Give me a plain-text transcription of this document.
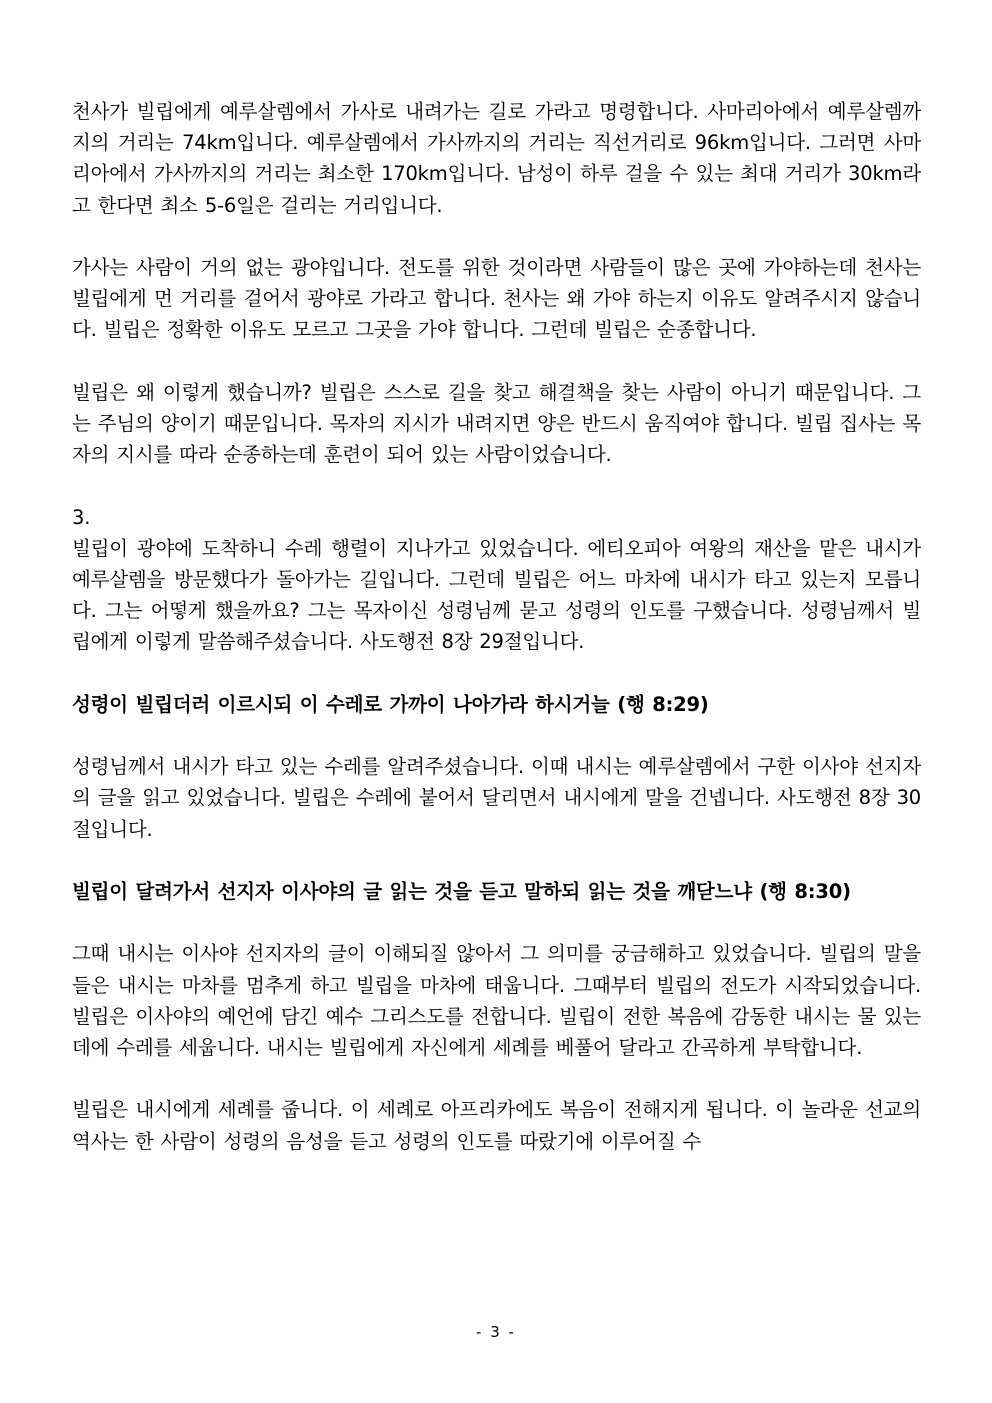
천사가 빌립에게 예루살렘에서 가사로 내려가는 길로 가라고 명령합니다. 사마리아에서 예루살렘까지의 거리는 74km입니다. 예루살렘에서 가사까지의 거리는 직선거리로 96km입니다. 그러면 사마리아에서 가사까지의 거리는 최소한 170km입니다. 남성이 하루 걸을 수 있는 최대 거리가 30km라고 한다면 최소 5-6일은 걸리는 거리입니다.

가사는 사람이 거의 없는 광야입니다. 전도를 위한 것이라면 사람들이 많은 곳에 가야하는데 천사는 빌립에게 먼 거리를 걸어서 광야로 가라고 합니다. 천사는 왜 가야 하는지 이유도 알려주시지 않습니다. 빌립은 정확한 이유도 모르고 그곳을 가야 합니다. 그런데 빌립은 순종합니다.

빌립은 왜 이렇게 했습니까? 빌립은 스스로 길을 찾고 해결책을 찾는 사람이 아니기 때문입니다. 그는 주님의 양이기 때문입니다. 목자의 지시가 내려지면 양은 반드시 움직여야 합니다. 빌립 집사는 목자의 지시를 따라 순종하는데 훈련이 되어 있는 사람이었습니다.

3.

빌립이 광야에 도착하니 수레 행렬이 지나가고 있었습니다. 에티오피아 여왕의 재산을 맡은 내시가 예루살렘을 방문했다가 돌아가는 길입니다. 그런데 빌립은 어느 마차에 내시가 타고 있는지 모릅니다. 그는 어떻게 했을까요? 그는 목자이신 성령님께 묻고 성령의 인도를 구했습니다. 성령님께서 빌립에게 이렇게 말씀해주셨습니다. 사도행전 8장 29절입니다.

성령이 빌립더러 이르시되 이 수레로 가까이 나아가라 하시거늘 (행 8:29)

성령님께서 내시가 타고 있는 수레를 알려주셨습니다. 이때 내시는 예루살렘에서 구한 이사야 선지자의 글을 읽고 있었습니다. 빌립은 수레에 붙어서 달리면서 내시에게 말을 건넵니다. 사도행전 8장 30절입니다.

빌립이 달려가서 선지자 이사야의 글 읽는 것을 듣고 말하되 읽는 것을 깨닫느냐 (행 8:30)

그때 내시는 이사야 선지자의 글이 이해되질 않아서 그 의미를 궁금해하고 있었습니다. 빌립의 말을 들은 내시는 마차를 멈추게 하고 빌립을 마차에 태웁니다. 그때부터 빌립의 전도가 시작되었습니다. 빌립은 이사야의 예언에 담긴 예수 그리스도를 전합니다. 빌립이 전한 복음에 감동한 내시는 물 있는 데에 수레를 세웁니다. 내시는 빌립에게 자신에게 세례를 베풀어 달라고 간곡하게 부탁합니다.

빌립은 내시에게 세례를 줍니다. 이 세례로 아프리카에도 복음이 전해지게 됩니다. 이 놀라운 선교의 역사는 한 사람이 성령의 음성을 듣고 성령의 인도를 따랐기에 이루어질 수

- 3 -
